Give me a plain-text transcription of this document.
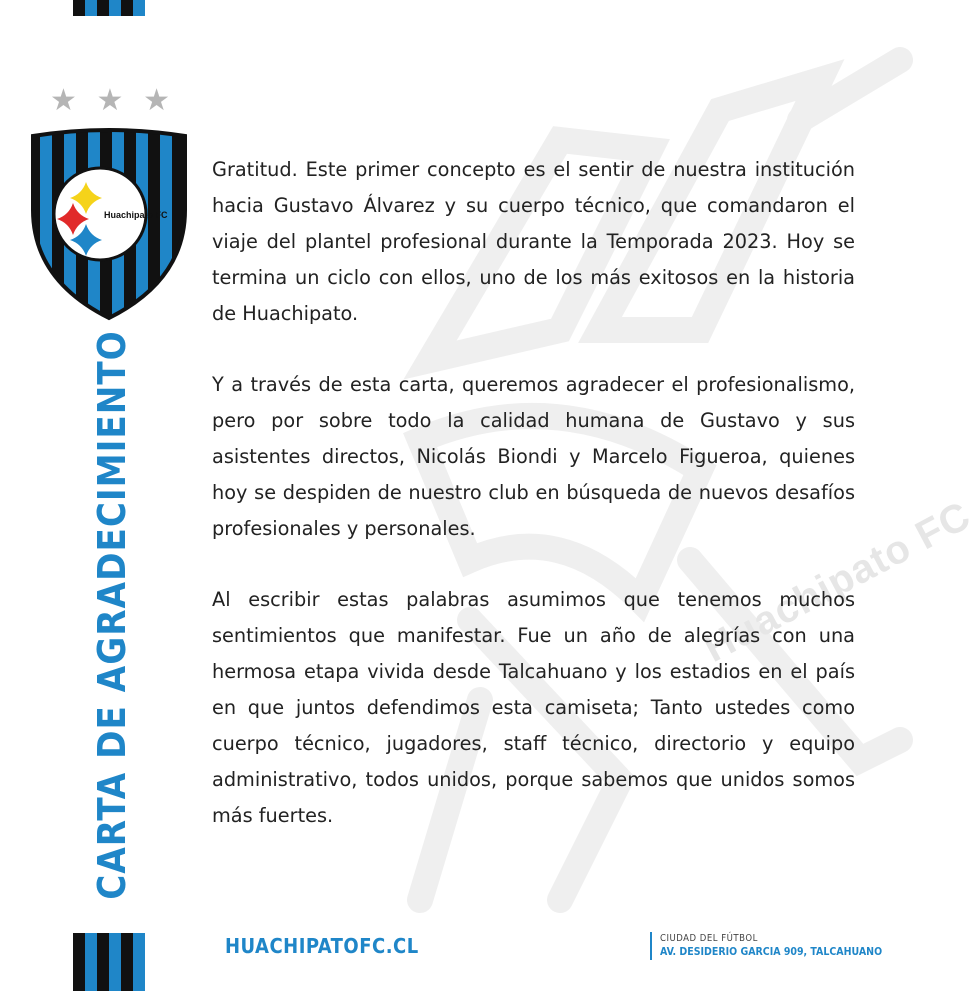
Huachipato FC
★ ★ ★
Huachipato FC
CARTA DE AGRADECIMIENTO

Gratitud. Este primer concepto es el sentir de nuestra institución hacia Gustavo Álvarez y su cuerpo técnico, que comandaron el viaje del plantel profesional durante la Temporada 2023. Hoy se termina un ciclo con ellos, uno de los más exitosos en la historia de Huachipato.

Y a través de esta carta, queremos agradecer el profesionalismo, pero por sobre todo la calidad humana de Gustavo y sus asistentes directos, Nicolás Biondi y Marcelo Figueroa, quienes hoy se despiden de nuestro club en búsqueda de nuevos desafíos profesionales y personales.

Al escribir estas palabras asumimos que tenemos muchos sentimientos que manifestar. Fue un año de alegrías con una hermosa etapa vivida desde Talcahuano y los estadios en el país en que juntos defendimos esta camiseta; Tanto ustedes como cuerpo técnico, jugadores, staff técnico, directorio y equipo administrativo, todos unidos, porque sabemos que unidos somos más fuertes.

HUACHIPATOFC.CL	CIUDAD DEL FÚTBOL
AV. DESIDERIO GARCIA 909, TALCAHUANO
